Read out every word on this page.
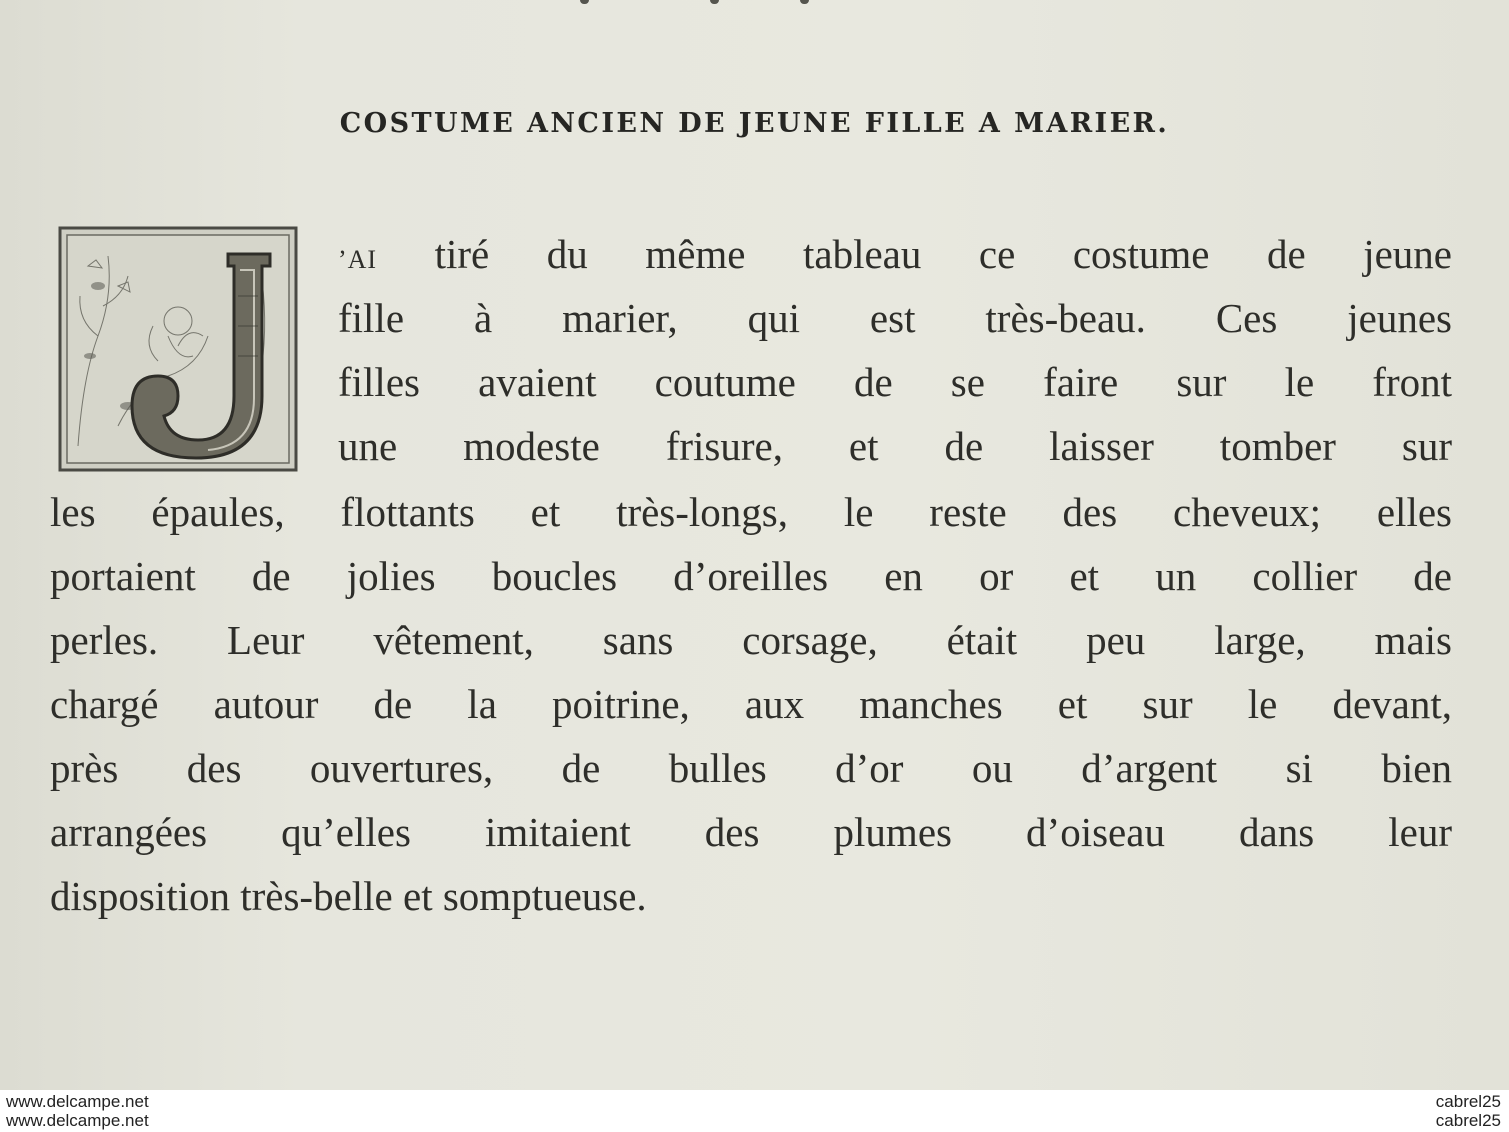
COSTUME ANCIEN DE JEUNE FILLE A MARIER.
’AI tiré du même tableau ce costume de jeune
fille à marier, qui est très-beau. Ces jeunes
filles avaient coutume de se faire sur le front
une modeste frisure, et de laisser tomber sur
les épaules, flottants et très-longs, le reste des cheveux; elles
portaient de jolies boucles d’oreilles en or et un collier de
perles. Leur vêtement, sans corsage, était peu large, mais
chargé autour de la poitrine, aux manches et sur le devant,
près des ouvertures, de bulles d’or ou d’argent si bien
arrangées qu’elles imitaient des plumes d’oiseau dans leur
disposition très-belle et somptueuse.
www.delcampe.net
www.delcampe.net
cabrel25
cabrel25
